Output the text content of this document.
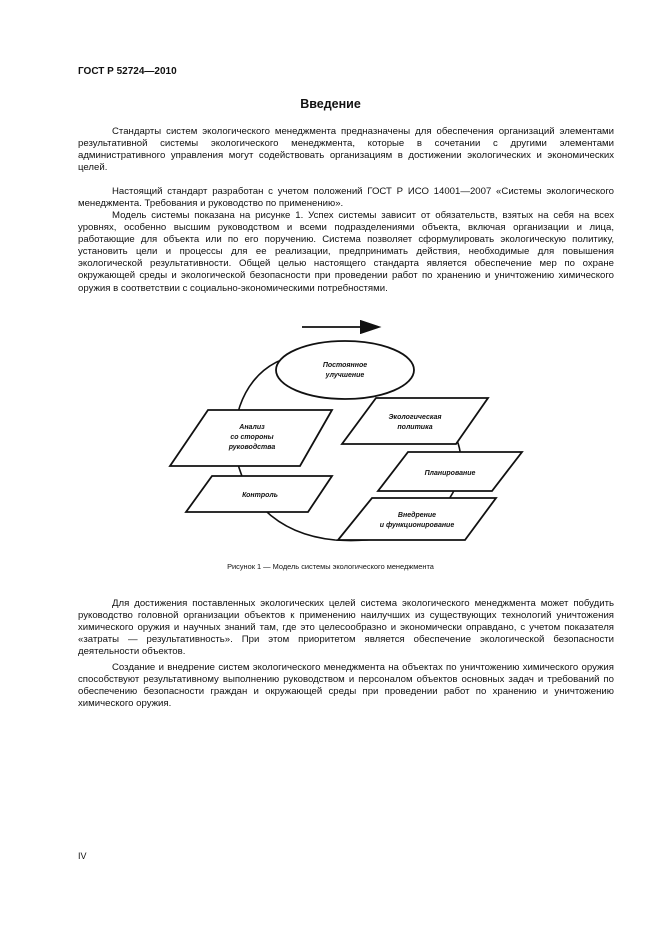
ГОСТ Р 52724—2010
Введение

Стандарты систем экологического менеджмента предназначены для обеспечения организаций элементами результативной системы экологического менеджмента, которые в сочетании с другими элементами административного управления могут содействовать организациям в достижении экологических и экономических целей.

Настоящий стандарт разработан с учетом положений ГОСТ Р ИСО 14001—2007 «Системы экологического менеджмента. Требования и руководство по применению».

Модель системы показана на рисунке 1. Успех системы зависит от обязательств, взятых на себя на всех уровнях, особенно высшим руководством и всеми подразделениями объекта, включая организации и лица, работающие для объекта или по его поручению. Система позволяет сформулировать экологическую политику, установить цели и процессы для ее реализации, предпринимать действия, необходимые для повышения экологической результативности. Общей целью настоящего стандарта является обеспечение мер по охране окружающей среды и экологической безопасности при проведении работ по хранению и уничтожению химического оружия в соответствии с социально-экономическими потребностями.

Постоянное
улучшение
Экологическая
политика
Планирование
Внедрение
и функционирование
Анализ
со стороны
руководства
Контроль
Рисунок 1 — Модель системы экологического менеджмента

Для достижения поставленных экологических целей система экологического менеджмента может побудить руководство головной организации объектов к применению наилучших из существующих технологий уничтожения химического оружия и научных знаний там, где это целесообразно и экономически оправдано, с учетом показателя «затраты — результативность». При этом приоритетом является обеспечение экологической безопасности деятельности объектов.

Создание и внедрение систем экологического менеджмента на объектах по уничтожению химического оружия способствуют результативному выполнению руководством и персоналом объектов основных задач и требований по обеспечению безопасности граждан и окружающей среды при проведении работ по хранению и уничтожению химического оружия.

IV
